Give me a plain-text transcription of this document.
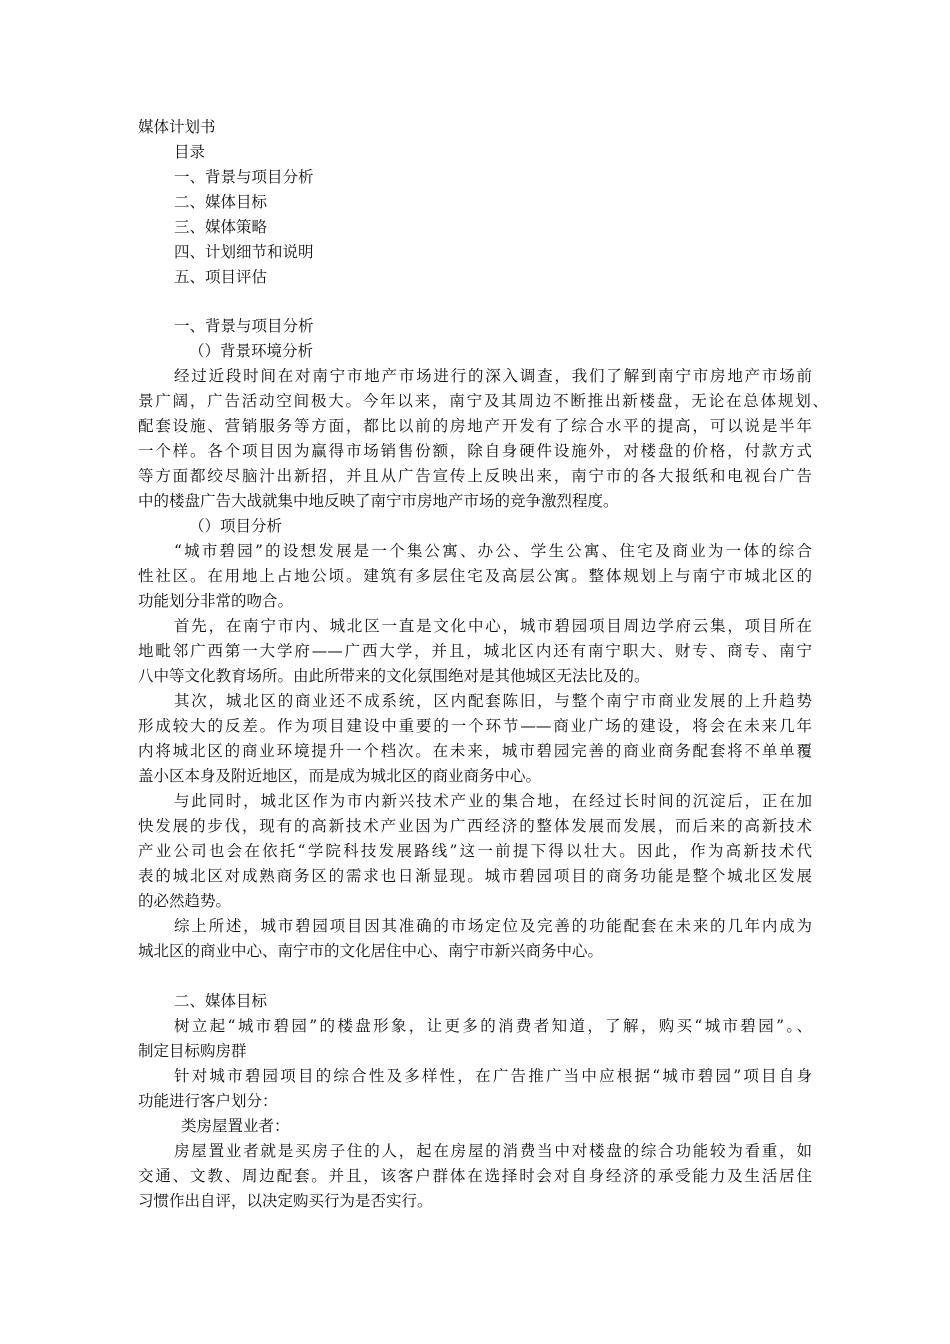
媒体计划书
目录
一、背景与项目分析
二、媒体目标
三、媒体策略
四、计划细节和说明
五、项目评估
一、背景与项目分析
（）背景环境分析
经过近段时间在对南宁市地产市场进行的深入调查，我们了解到南宁市房地产市场前
景广阔，广告活动空间极大。今年以来，南宁及其周边不断推出新楼盘，无论在总体规划、
配套设施、营销服务等方面，都比以前的房地产开发有了综合水平的提高，可以说是半年
一个样。各个项目因为赢得市场销售份额，除自身硬件设施外，对楼盘的价格，付款方式
等方面都绞尽脑汁出新招，并且从广告宣传上反映出来，南宁市的各大报纸和电视台广告
中的楼盘广告大战就集中地反映了南宁市房地产市场的竞争激烈程度。
（）项目分析
“城市碧园”的设想发展是一个集公寓、办公、学生公寓、住宅及商业为一体的综合
性社区。在用地上占地公顷。建筑有多层住宅及高层公寓。整体规划上与南宁市城北区的
功能划分非常的吻合。
首先，在南宁市内、城北区一直是文化中心，城市碧园项目周边学府云集，项目所在
地毗邻广西第一大学府——广西大学，并且，城北区内还有南宁职大、财专、商专、南宁
八中等文化教育场所。由此所带来的文化氛围绝对是其他城区无法比及的。
其次，城北区的商业还不成系统，区内配套陈旧，与整个南宁市商业发展的上升趋势
形成较大的反差。作为项目建设中重要的一个环节——商业广场的建设，将会在未来几年
内将城北区的商业环境提升一个档次。在未来，城市碧园完善的商业商务配套将不单单覆
盖小区本身及附近地区，而是成为城北区的商业商务中心。
与此同时，城北区作为市内新兴技术产业的集合地，在经过长时间的沉淀后，正在加
快发展的步伐，现有的高新技术产业因为广西经济的整体发展而发展，而后来的高新技术
产业公司也会在依托“学院科技发展路线”这一前提下得以壮大。因此，作为高新技术代
表的城北区对成熟商务区的需求也日渐显现。城市碧园项目的商务功能是整个城北区发展
的必然趋势。
综上所述，城市碧园项目因其准确的市场定位及完善的功能配套在未来的几年内成为
城北区的商业中心、南宁市的文化居住中心、南宁市新兴商务中心。
二、媒体目标
树立起“城市碧园”的楼盘形象，让更多的消费者知道，了解，购买“城市碧园”。、
制定目标购房群
针对城市碧园项目的综合性及多样性，在广告推广当中应根据“城市碧园”项目自身
功能进行客户划分：
类房屋置业者：
房屋置业者就是买房子住的人，起在房屋的消费当中对楼盘的综合功能较为看重，如
交通、文教、周边配套。并且，该客户群体在选择时会对自身经济的承受能力及生活居住
习惯作出自评，以决定购买行为是否实行。
